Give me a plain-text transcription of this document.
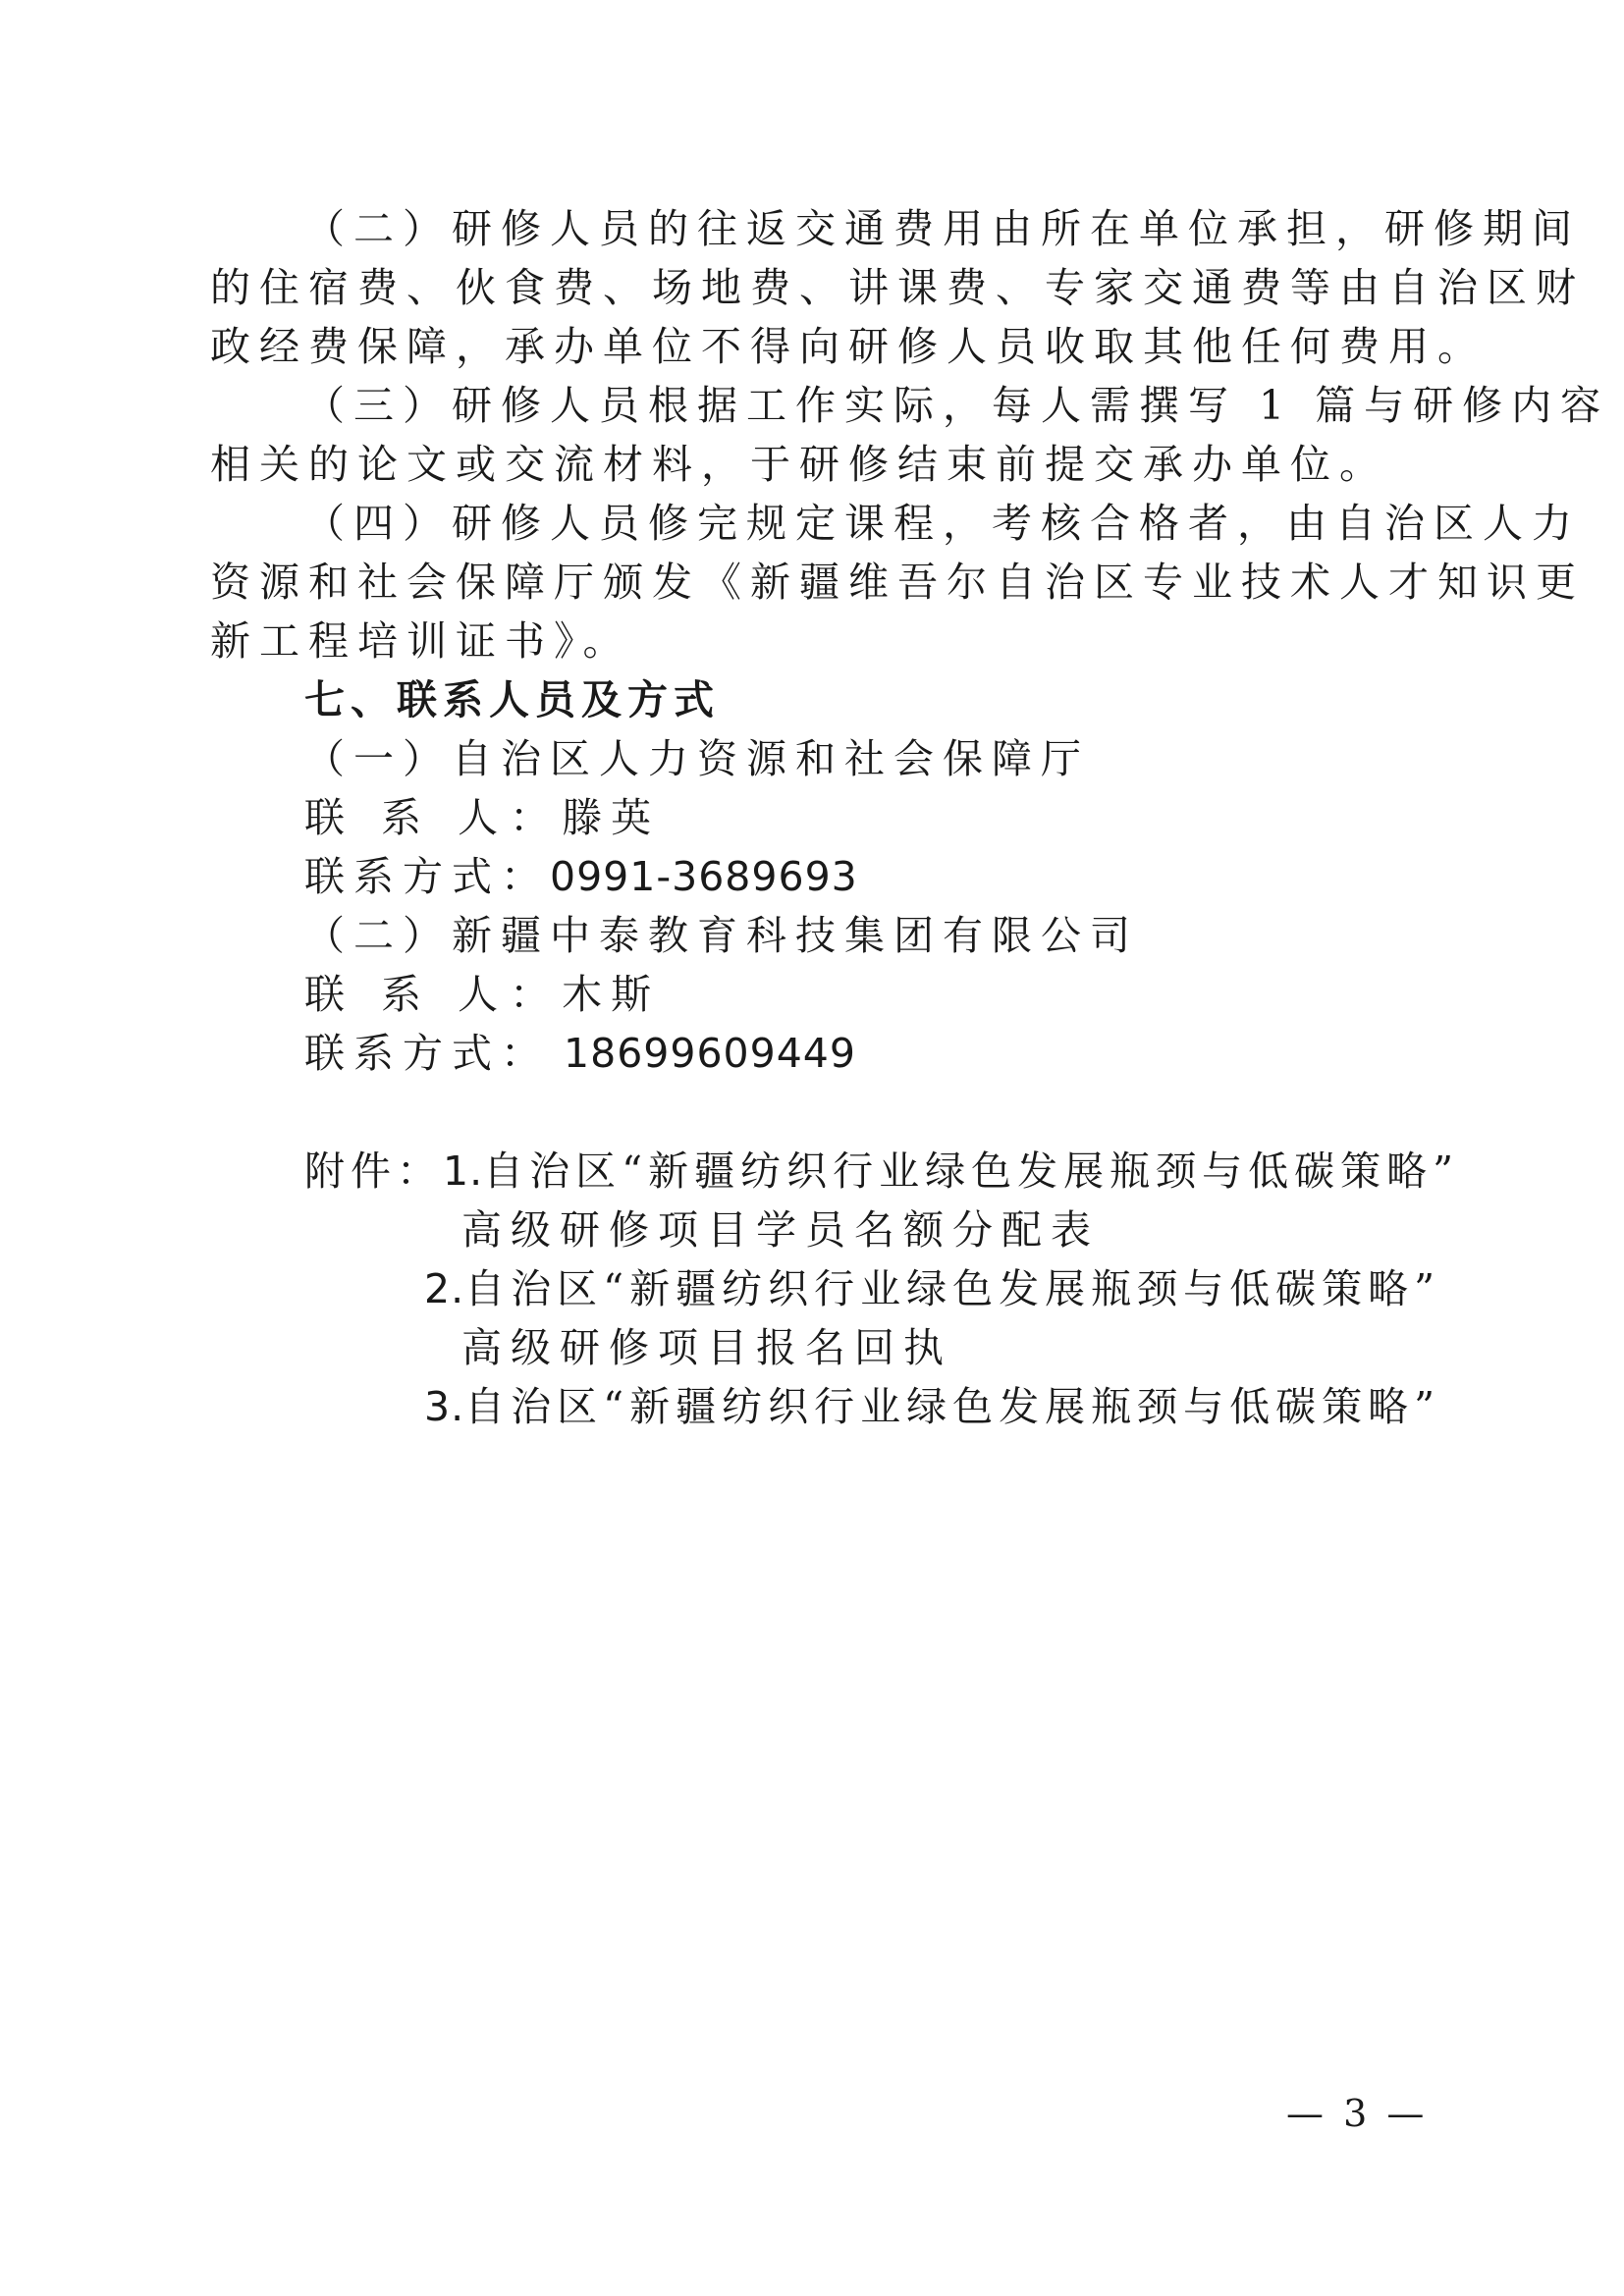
（二）研修人员的往返交通费用由所在单位承担，研修期间
的住宿费、伙食费、场地费、讲课费、专家交通费等由自治区财
政经费保障，承办单位不得向研修人员收取其他任何费用。
（三）研修人员根据工作实际，每人需撰写 1 篇与研修内容
相关的论文或交流材料，于研修结束前提交承办单位。
（四）研修人员修完规定课程，考核合格者，由自治区人力
资源和社会保障厅颁发《新疆维吾尔自治区专业技术人才知识更
新工程培训证书》。
七、联系人员及方式
（一）自治区人力资源和社会保障厅
联 系 人：滕英
联系方式：0991-3689693
（二）新疆中泰教育科技集团有限公司
联 系 人：木斯
联系方式： 18699609449
附件：1.自治区“新疆纺织行业绿色发展瓶颈与低碳策略”
高级研修项目学员名额分配表
2.自治区“新疆纺织行业绿色发展瓶颈与低碳策略”
高级研修项目报名回执
3.自治区“新疆纺织行业绿色发展瓶颈与低碳策略”
— 3 —
